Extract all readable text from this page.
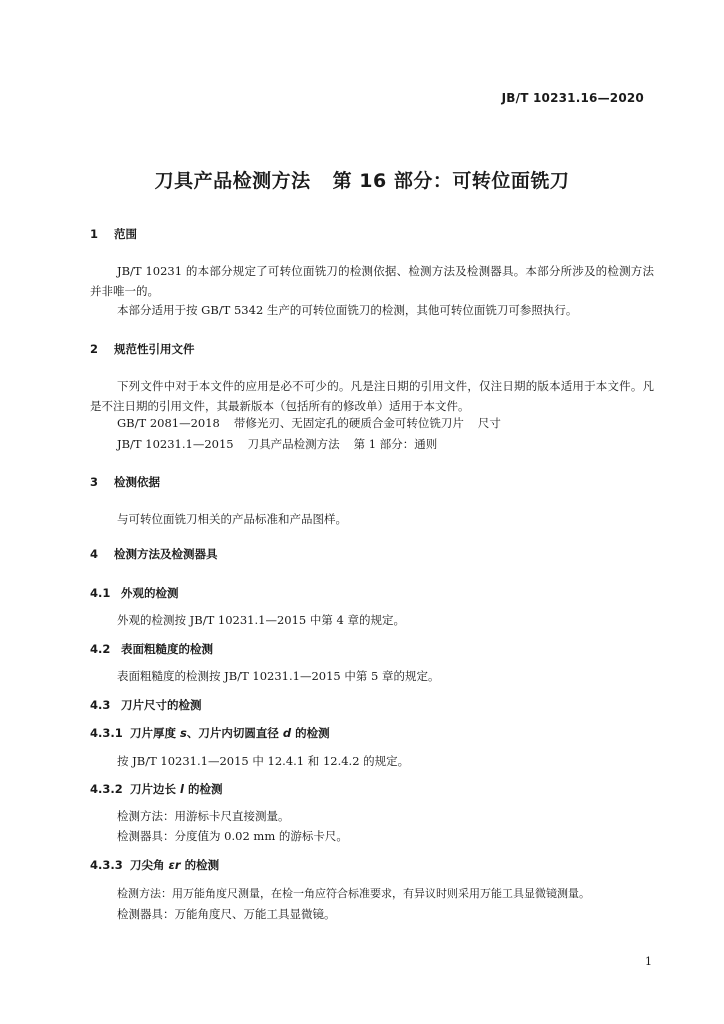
JB/T 10231.16—2020
刀具产品检测方法 第 16 部分：可转位面铣刀
1 范围
JB/T 10231 的本部分规定了可转位面铣刀的检测依据、检测方法及检测器具。本部分所涉及的检测方法并非唯一的。
本部分适用于按 GB/T 5342 生产的可转位面铣刀的检测，其他可转位面铣刀可参照执行。
2 规范性引用文件
下列文件中对于本文件的应用是必不可少的。凡是注日期的引用文件，仅注日期的版本适用于本文件。凡是不注日期的引用文件，其最新版本（包括所有的修改单）适用于本文件。
GB/T 2081—2018 带修光刃、无固定孔的硬质合金可转位铣刀片 尺寸
JB/T 10231.1—2015 刀具产品检测方法 第 1 部分：通则
3 检测依据
与可转位面铣刀相关的产品标准和产品图样。
4 检测方法及检测器具
4.1 外观的检测
外观的检测按 JB/T 10231.1—2015 中第 4 章的规定。
4.2 表面粗糙度的检测
表面粗糙度的检测按 JB/T 10231.1—2015 中第 5 章的规定。
4.3 刀片尺寸的检测
4.3.1 刀片厚度 s、刀片内切圆直径 d 的检测
按 JB/T 10231.1—2015 中 12.4.1 和 12.4.2 的规定。
4.3.2 刀片边长 l 的检测
检测方法：用游标卡尺直接测量。
检测器具：分度值为 0.02 mm 的游标卡尺。
4.3.3 刀尖角 εr 的检测
检测方法：用万能角度尺测量，在检一角应符合标准要求，有异议时则采用万能工具显微镜测量。
检测器具：万能角度尺、万能工具显微镜。
1
